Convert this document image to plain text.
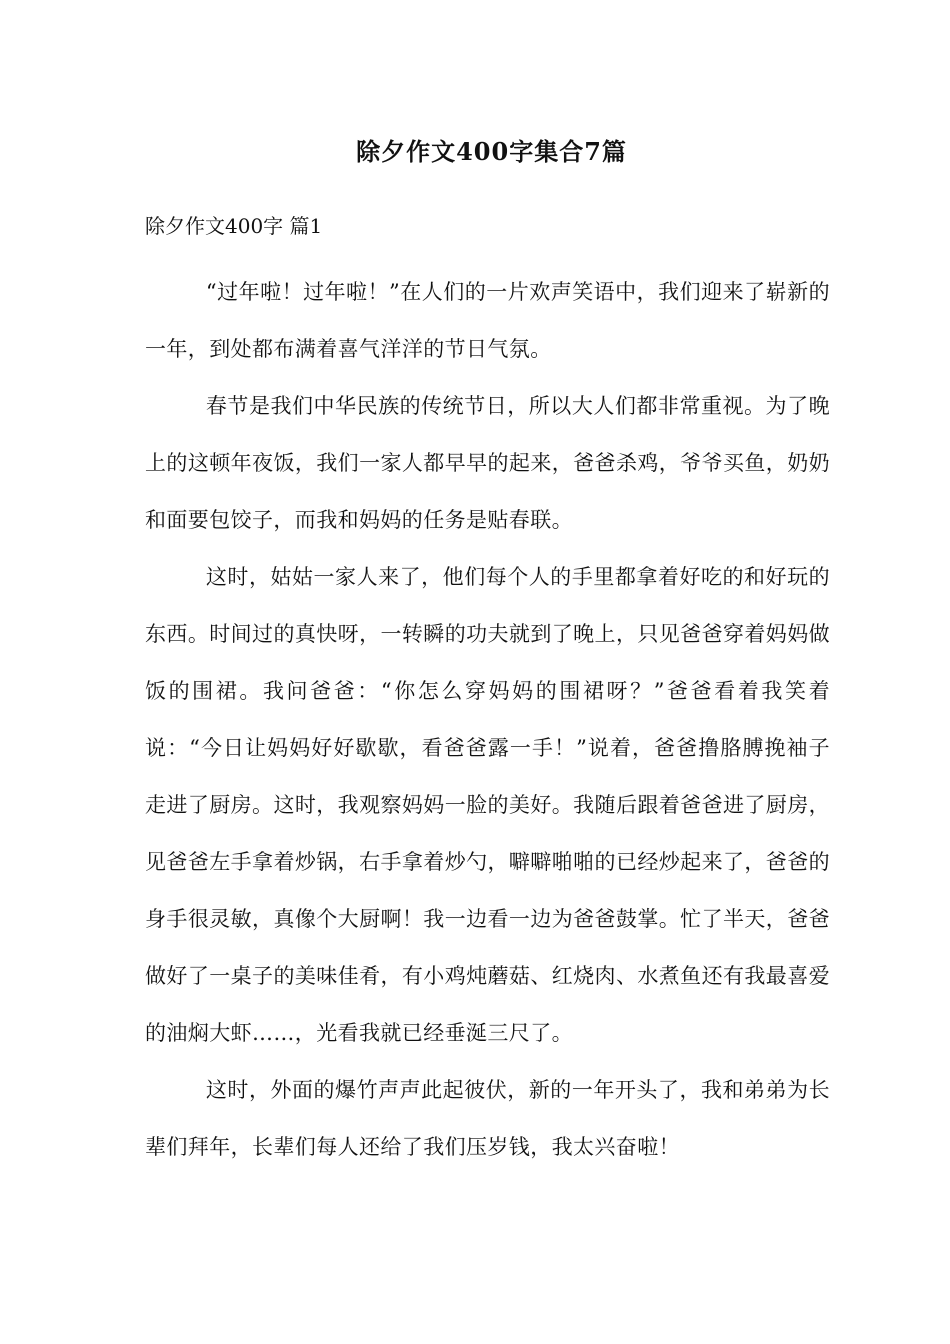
除夕作文400字集合7篇
除夕作文400字 篇1

“过年啦！过年啦！”在人们的一片欢声笑语中，我们迎来了崭新的一年，到处都布满着喜气洋洋的节日气氛。

春节是我们中华民族的传统节日，所以大人们都非常重视。为了晚上的这顿年夜饭，我们一家人都早早的起来，爸爸杀鸡，爷爷买鱼，奶奶和面要包饺子，而我和妈妈的任务是贴春联。

这时，姑姑一家人来了，他们每个人的手里都拿着好吃的和好玩的东西。时间过的真快呀，一转瞬的功夫就到了晚上，只见爸爸穿着妈妈做饭的围裙。我问爸爸：“你怎么穿妈妈的围裙呀？”爸爸看着我笑着说：“今日让妈妈好好歇歇，看爸爸露一手！”说着，爸爸撸胳膊挽袖子走进了厨房。这时，我观察妈妈一脸的美好。我随后跟着爸爸进了厨房，见爸爸左手拿着炒锅，右手拿着炒勺，噼噼啪啪的已经炒起来了，爸爸的身手很灵敏，真像个大厨啊！我一边看一边为爸爸鼓掌。忙了半天，爸爸做好了一桌子的美味佳肴，有小鸡炖蘑菇、红烧肉、水煮鱼还有我最喜爱的油焖大虾……，光看我就已经垂涎三尺了。

这时，外面的爆竹声声此起彼伏，新的一年开头了，我和弟弟为长辈们拜年，长辈们每人还给了我们压岁钱，我太兴奋啦！
